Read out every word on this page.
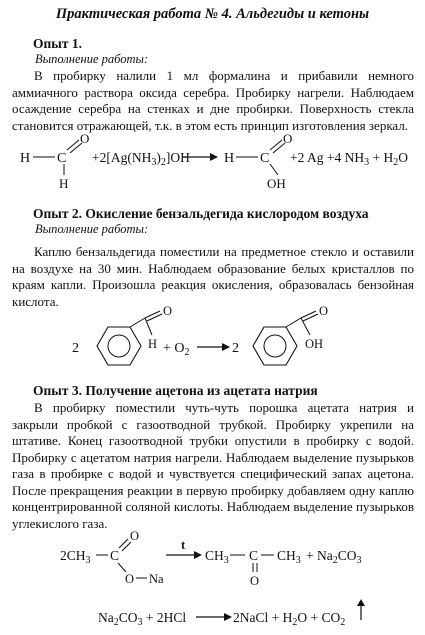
Практическая работа № 4. Альдегиды и кетоны
Опыт 1.
Выполнение работы:
В пробирку налили 1 мл формалина и прибавили немного аммиачного раствора оксида серебра. Пробирку нагрели. Наблюдаем осаждение серебра на стенках и дне пробирки. Поверхность стекла становится отражающей, т.к. в этом есть принцип изготовления зеркал.
H C
O
H
$+2[Ag(NH_3)_2]OH$ H C
O
OH
+2 Ag +4 $NH_3 + H_2O$
Опыт 2. Окисление бензальдегида кислородом воздуха
Выполнение работы:
Каплю бензальдегида поместили на предметное стекло и оставили на воздухе на 30 мин. Наблюдаем образование белых кристаллов по краям капли. Произошла реакция окисления, образовалась бензойная кислота.
2
O
$H + O_2$	2
O
OH
Опыт 3. Получение ацетона из ацетата натрия
В пробирку поместили чуть-чуть порошка ацетата натрия и закрыли пробкой с газоотводной трубкой. Пробирку укрепили на штативе. Конец газоотводной трубки опустили в пробирку с водой. Пробирку с ацетатом натрия нагрели. Наблюдаем выделение пузырьков газа в пробирке с водой и чувствуется специфический запах ацетона. После прекращения реакции в первую пробирку добавляем одну каплю концентрированной соляной кислоты. Наблюдаем выделение пузырьков углекислого газа.
$2CH_3$ C
O
O Na
t
$CH_3$ C
O
$CH_3 + Na_2CO_3$
$Na_2CO_3 + 2HCl$	2NaCl + $H_2O + CO_2$
